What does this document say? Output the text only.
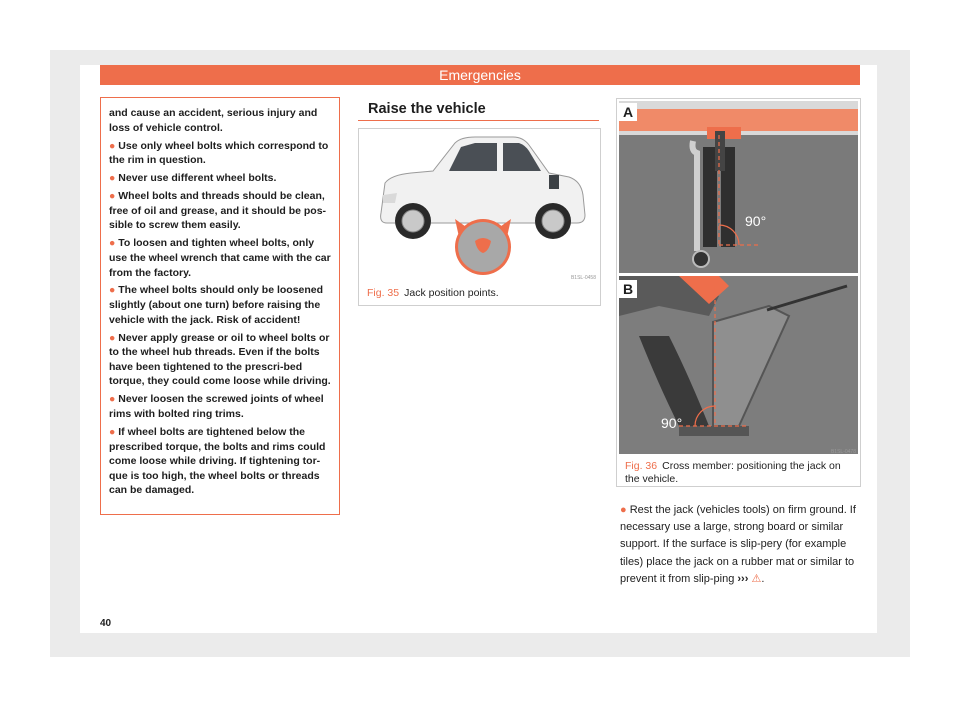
Emergencies

and cause an accident, serious injury and loss of vehicle control.

● Use only wheel bolts which correspond to the rim in question.

● Never use different wheel bolts.

● Wheel bolts and threads should be clean, free of oil and grease, and it should be pos-sible to screw them easily.

● To loosen and tighten wheel bolts, only use the wheel wrench that came with the car from the factory.

● The wheel bolts should only be loosened slightly (about one turn) before raising the vehicle with the jack. Risk of accident!

● Never apply grease or oil to wheel bolts or to the wheel hub threads. Even if the bolts have been tightened to the prescri-bed torque, they could come loose while driving.

● Never loosen the screwed joints of wheel rims with bolted ring trims.

● If wheel bolts are tightened below the prescribed torque, the bolts and rims could come loose while driving. If tightening tor-que is too high, the wheel bolts or threads can be damaged.

Raise the vehicle
B1SL-0458
Fig. 35 Jack position points.
A
90°
B
90°
B1SL-0478
Fig. 36 Cross member: positioning the jack on the vehicle.
● Rest the jack (vehicles tools) on firm ground. If necessary use a large, strong board or similar support. If the surface is slip-pery (for example tiles) place the jack on a rubber mat or similar to prevent it from slip-ping ››› ⚠.
40
